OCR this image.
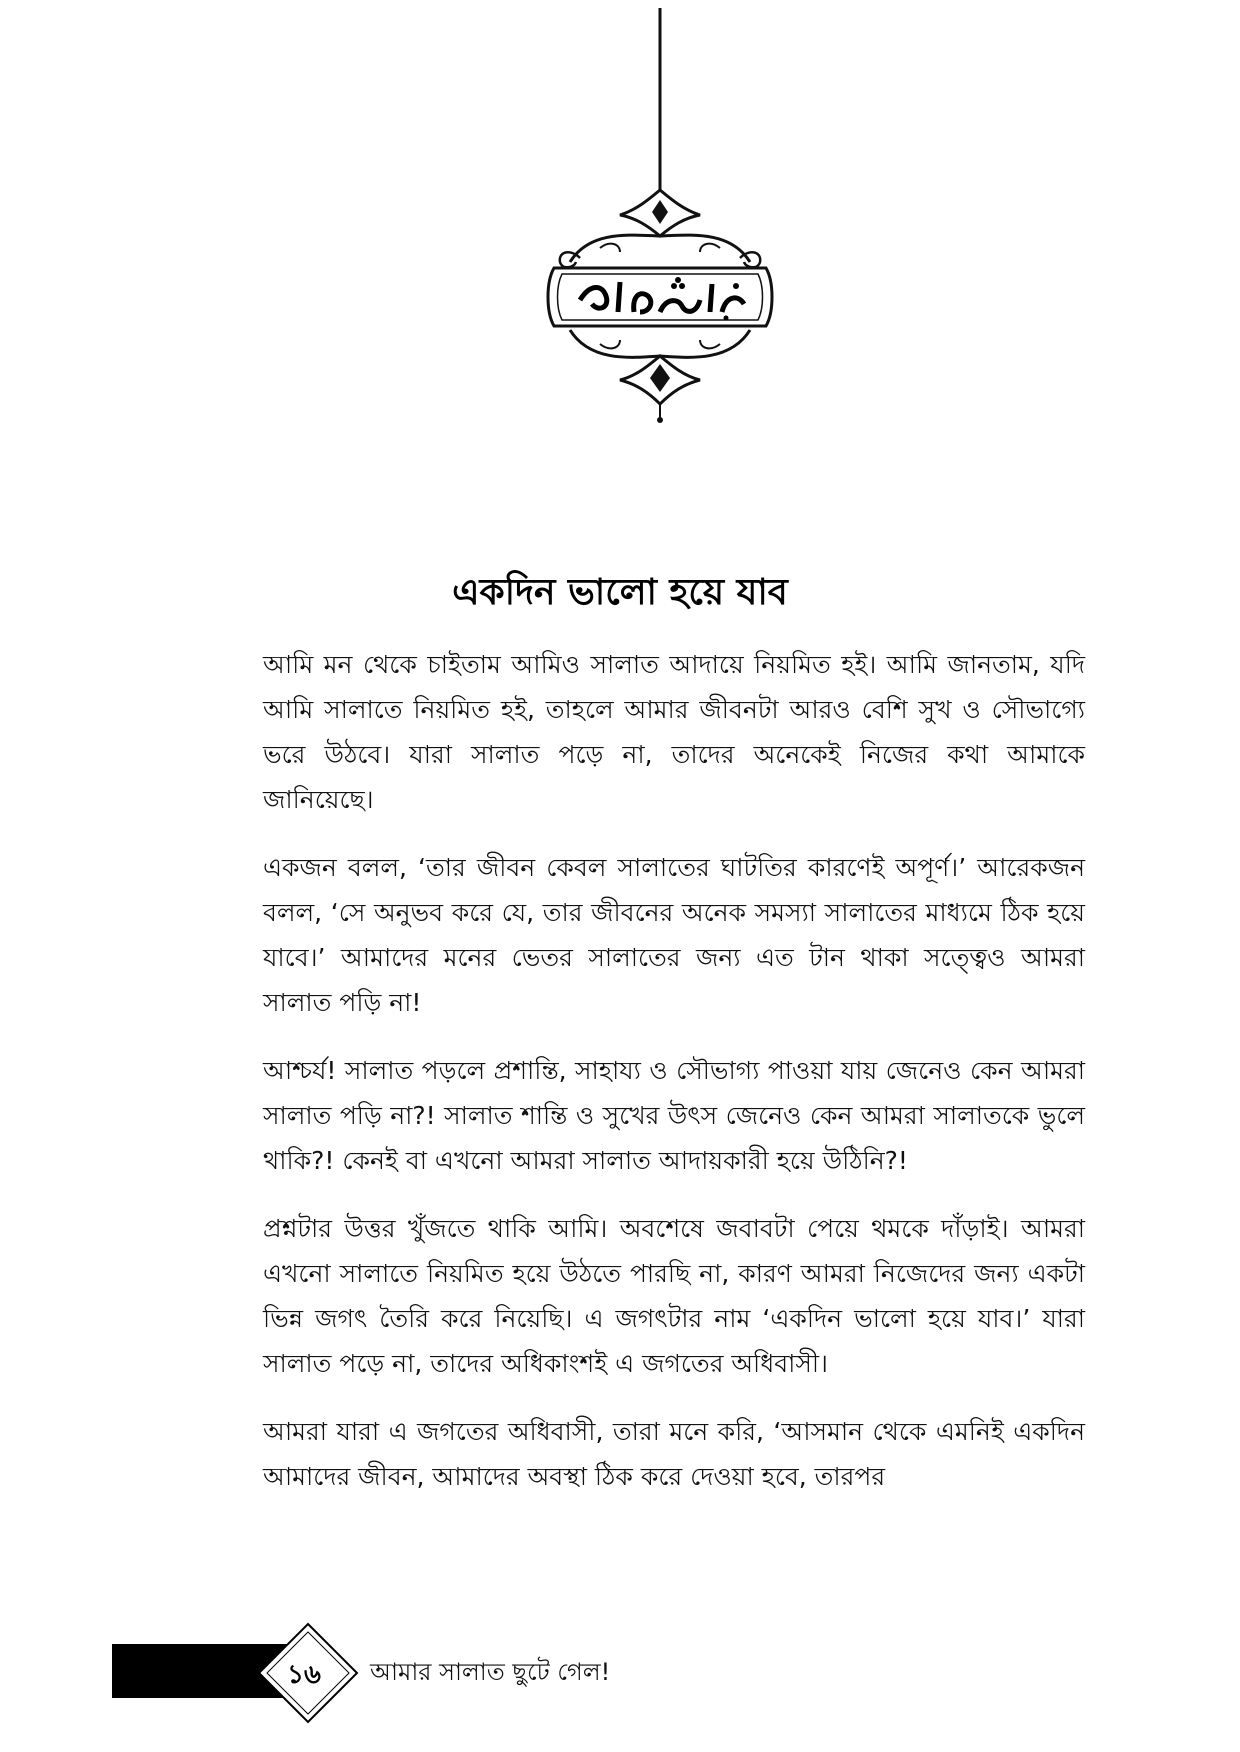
একদিন ভালো হয়ে যাব

আমি মন থেকে চাইতাম আমিও সালাত আদায়ে নিয়মিত হই। আমি জানতাম, যদি আমি সালাতে নিয়মিত হই, তাহলে আমার জীবনটা আরও বেশি সুখ ও সৌভাগ্যে ভরে উঠবে। যারা সালাত পড়ে না, তাদের অনেকেই নিজের কথা আমাকে জানিয়েছে।

একজন বলল, ‘তার জীবন কেবল সালাতের ঘাটতির কারণেই অপূর্ণ।’ আরেকজন বলল, ‘সে অনুভব করে যে, তার জীবনের অনেক সমস্যা সালাতের মাধ্যমে ঠিক হয়ে যাবে।’ আমাদের মনের ভেতর সালাতের জন্য এত টান থাকা সত্ত্বেও আমরা সালাত পড়ি না!

আশ্চর্য! সালাত পড়লে প্রশান্তি, সাহায্য ও সৌভাগ্য পাওয়া যায় জেনেও কেন আমরা সালাত পড়ি না?! সালাত শান্তি ও সুখের উৎস জেনেও কেন আমরা সালাতকে ভুলে থাকি?! কেনই বা এখনো আমরা সালাত আদায়কারী হয়ে উঠিনি?!

প্রশ্নটার উত্তর খুঁজতে থাকি আমি। অবশেষে জবাবটা পেয়ে থমকে দাঁড়াই। আমরা এখনো সালাতে নিয়মিত হয়ে উঠতে পারছি না, কারণ আমরা নিজেদের জন্য একটা ভিন্ন জগৎ তৈরি করে নিয়েছি। এ জগৎটার নাম ‘একদিন ভালো হয়ে যাব।’ যারা সালাত পড়ে না, তাদের অধিকাংশই এ জগতের অধিবাসী।

আমরা যারা এ জগতের অধিবাসী, তারা মনে করি, ‘আসমান থেকে এমনিই একদিন আমাদের জীবন, আমাদের অবস্থা ঠিক করে দেওয়া হবে, তারপর

১৬	আমার সালাত ছুটে গেল!
